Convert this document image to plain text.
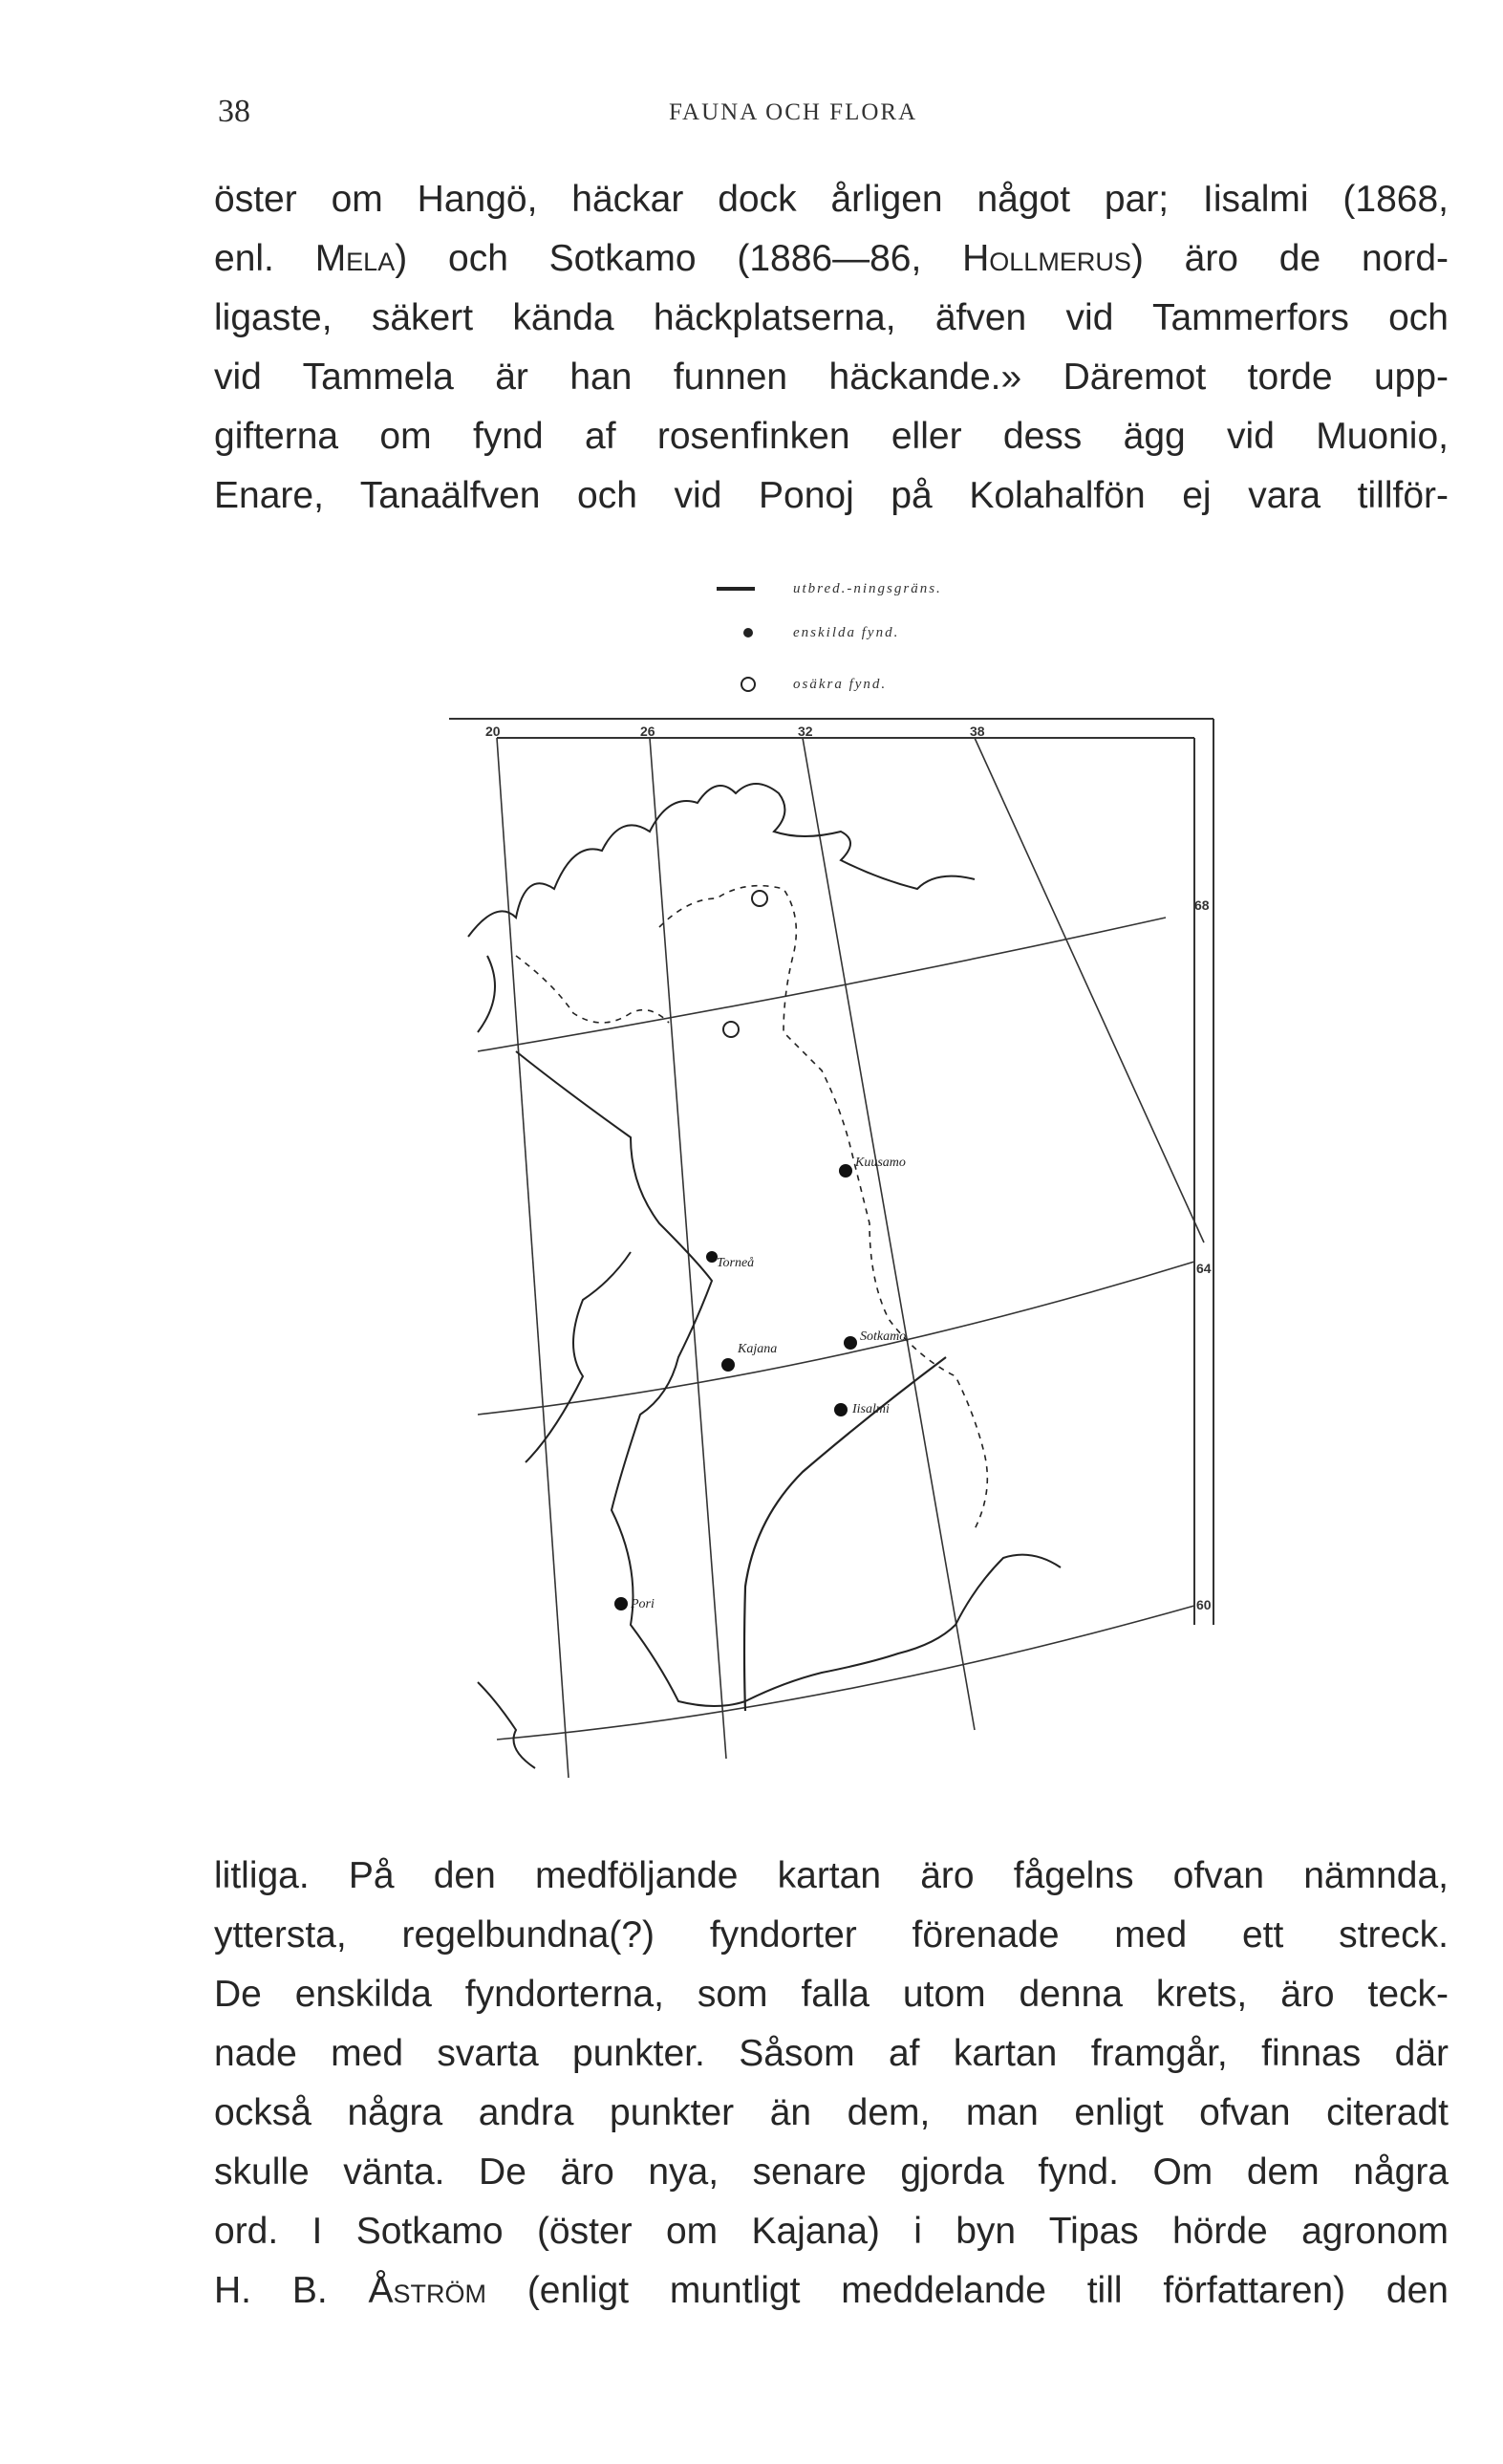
38	FAUNA OCH FLORA
öster om Hangö, häckar dock årligen något par; Iisalmi (1868,
enl. Mela) och Sotkamo (1886—86, Hollmerus) äro de nord-
ligaste, säkert kända häckplatserna, äfven vid Tammerfors och
vid Tammela är han funnen häckande.» Däremot torde upp-
gifterna om fynd af rosenfinken eller dess ägg vid Muonio,
Enare, Tanaälfven och vid Ponoj på Kolahalfön ej vara tillför-
utbred.-ningsgräns.
enskilda fynd.
osäkra fynd.
20	26	32	38
68
64
60
Kuusamo
Torneå
Kajana
Sotkamo
Iisalmi
Pori
litliga. På den medföljande kartan äro fågelns ofvan nämnda,
yttersta, regelbundna(?) fyndorter förenade med ett streck.
De enskilda fyndorterna, som falla utom denna krets, äro teck-
nade med svarta punkter. Såsom af kartan framgår, finnas där
också några andra punkter än dem, man enligt ofvan citeradt
skulle vänta. De äro nya, senare gjorda fynd. Om dem några
ord. I Sotkamo (öster om Kajana) i byn Tipas hörde agronom
H. B. Åström (enligt muntligt meddelande till författaren) den
